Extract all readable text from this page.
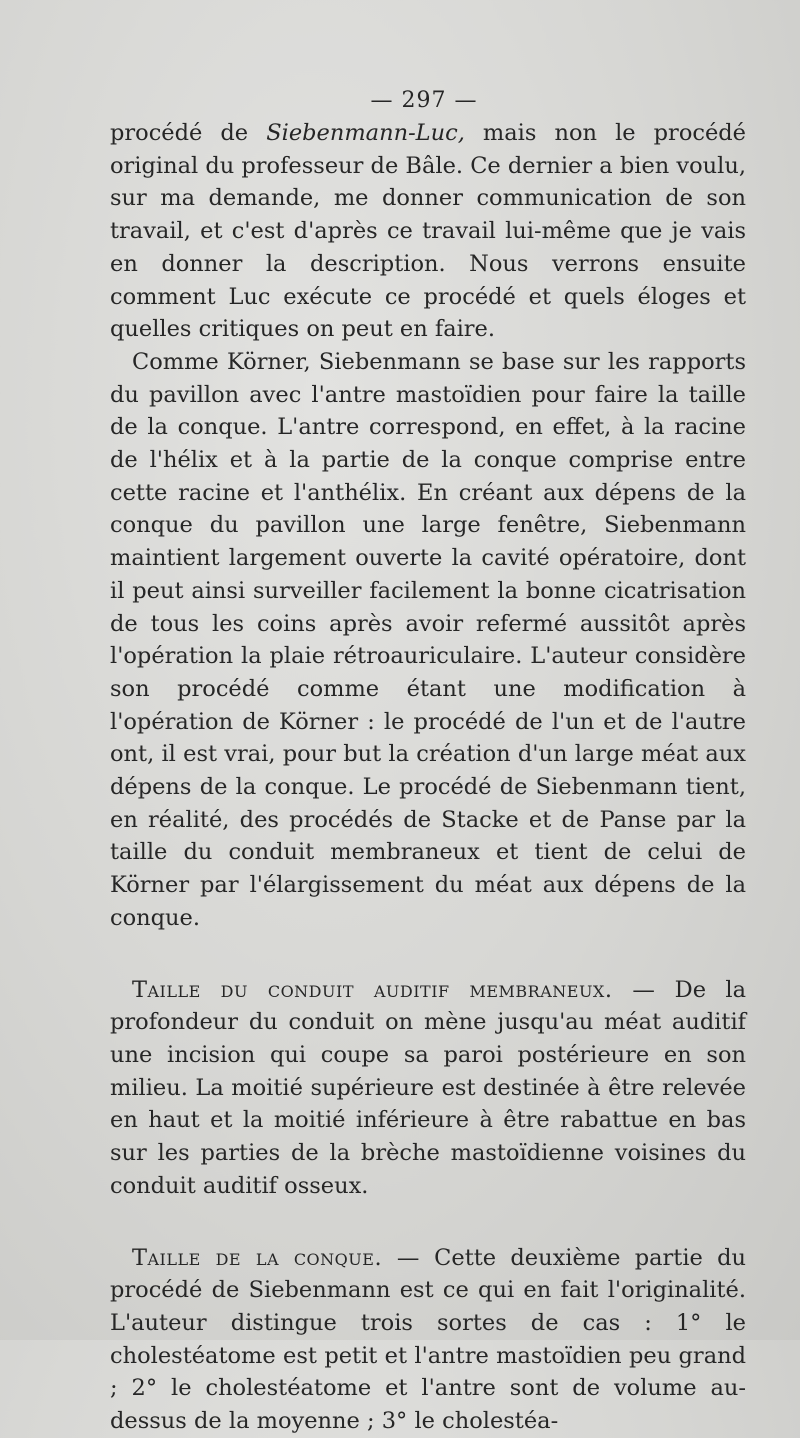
— 297 —

procédé de Siebenmann-Luc, mais non le procédé original du professeur de Bâle. Ce dernier a bien voulu, sur ma demande, me donner communication de son travail, et c'est d'après ce travail lui-même que je vais en donner la description. Nous verrons ensuite comment Luc exécute ce procédé et quels éloges et quelles critiques on peut en faire.

Comme Körner, Siebenmann se base sur les rapports du pavillon avec l'antre mastoïdien pour faire la taille de la conque. L'antre correspond, en effet, à la racine de l'hélix et à la partie de la conque comprise entre cette racine et l'anthélix. En créant aux dépens de la conque du pavillon une large fenêtre, Siebenmann maintient largement ouverte la cavité opératoire, dont il peut ainsi surveiller facilement la bonne cicatrisation de tous les coins après avoir refermé aussitôt après l'opération la plaie rétroauriculaire. L'auteur considère son procédé comme étant une modification à l'opération de Körner : le procédé de l'un et de l'autre ont, il est vrai, pour but la création d'un large méat aux dépens de la conque. Le procédé de Siebenmann tient, en réalité, des procédés de Stacke et de Panse par la taille du conduit membraneux et tient de celui de Körner par l'élargissement du méat aux dépens de la conque.

Taille du conduit auditif membraneux. — De la profondeur du conduit on mène jusqu'au méat auditif une incision qui coupe sa paroi postérieure en son milieu. La moitié supérieure est destinée à être relevée en haut et la moitié inférieure à être rabattue en bas sur les parties de la brèche mastoïdienne voisines du conduit auditif osseux.

Taille de la conque. — Cette deuxième partie du procédé de Siebenmann est ce qui en fait l'originalité. L'auteur distingue trois sortes de cas : 1° le cholestéatome est petit et l'antre mastoïdien peu grand ; 2° le cholestéatome et l'antre sont de volume au-dessus de la moyenne ; 3° le cholestéa-
